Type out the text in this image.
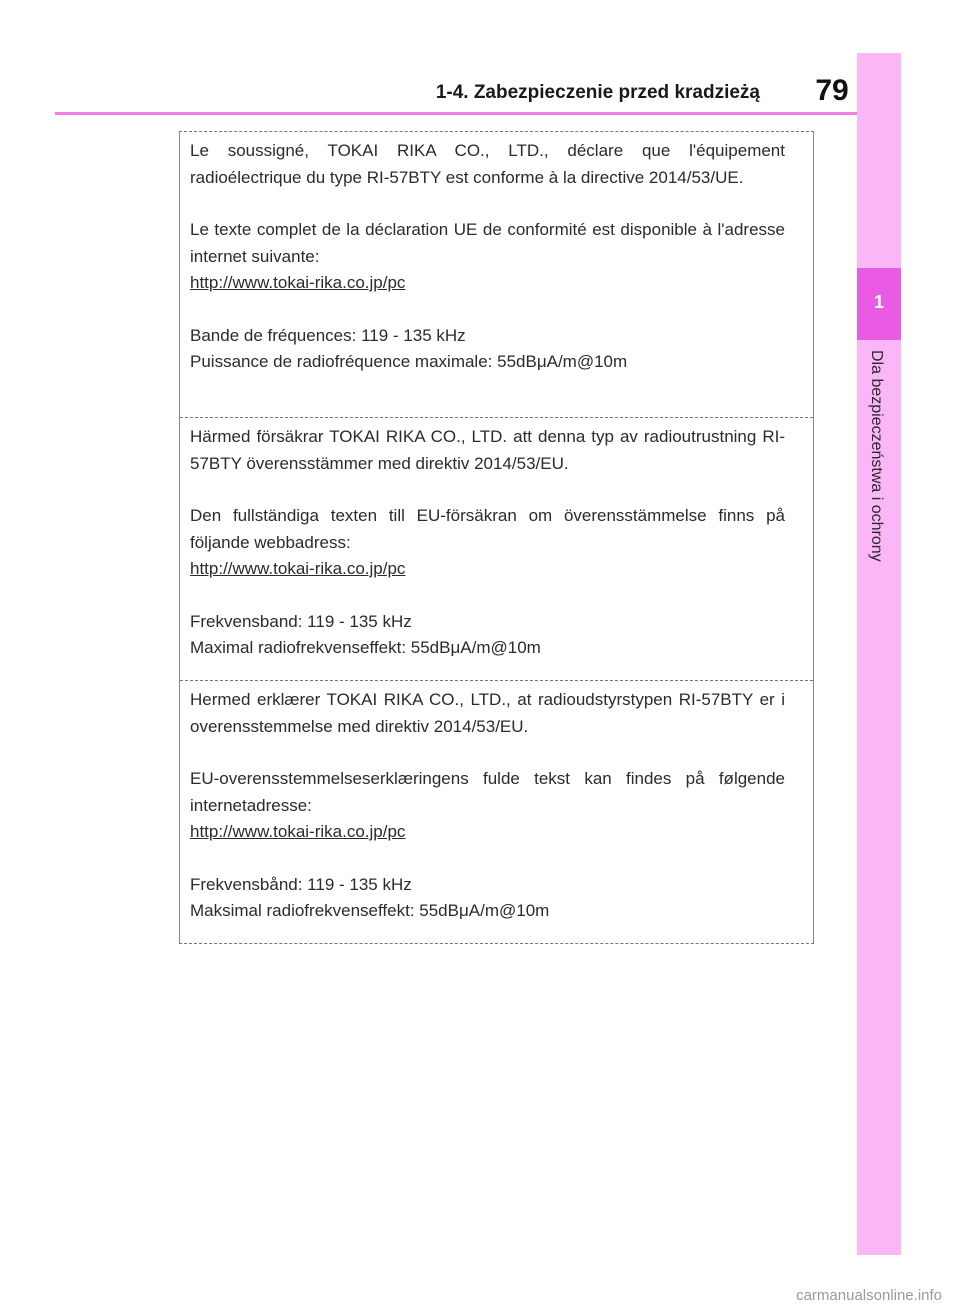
1-4. Zabezpieczenie przed kradzieżą 79
1
Dla bezpieczeństwa i ochrony

Le soussigné, TOKAI RIKA CO., LTD., déclare que l'équipement radioélectrique du type RI-57BTY est conforme à la directive 2014/53/UE.

Le texte complet de la déclaration UE de conformité est disponible à l'adresse internet suivante:

http://www.tokai-rika.co.jp/pc

Bande de fréquences: 119 - 135 kHz

Puissance de radiofréquence maximale: 55dBμA/m@10m

Härmed försäkrar TOKAI RIKA CO., LTD. att denna typ av radioutrustning RI-57BTY överensstämmer med direktiv 2014/53/EU.

Den fullständiga texten till EU-försäkran om överensstämmelse finns på följande webbadress:

http://www.tokai-rika.co.jp/pc

Frekvensband: 119 - 135 kHz

Maximal radiofrekvenseffekt: 55dBμA/m@10m

Hermed erklærer TOKAI RIKA CO., LTD., at radioudstyrstypen RI-57BTY er i overensstemmelse med direktiv 2014/53/EU.

EU-overensstemmelseserklæringens fulde tekst kan findes på følgende internetadresse:

http://www.tokai-rika.co.jp/pc

Frekvensbånd: 119 - 135 kHz

Maksimal radiofrekvenseffekt: 55dBμA/m@10m

carmanualsonline.info
